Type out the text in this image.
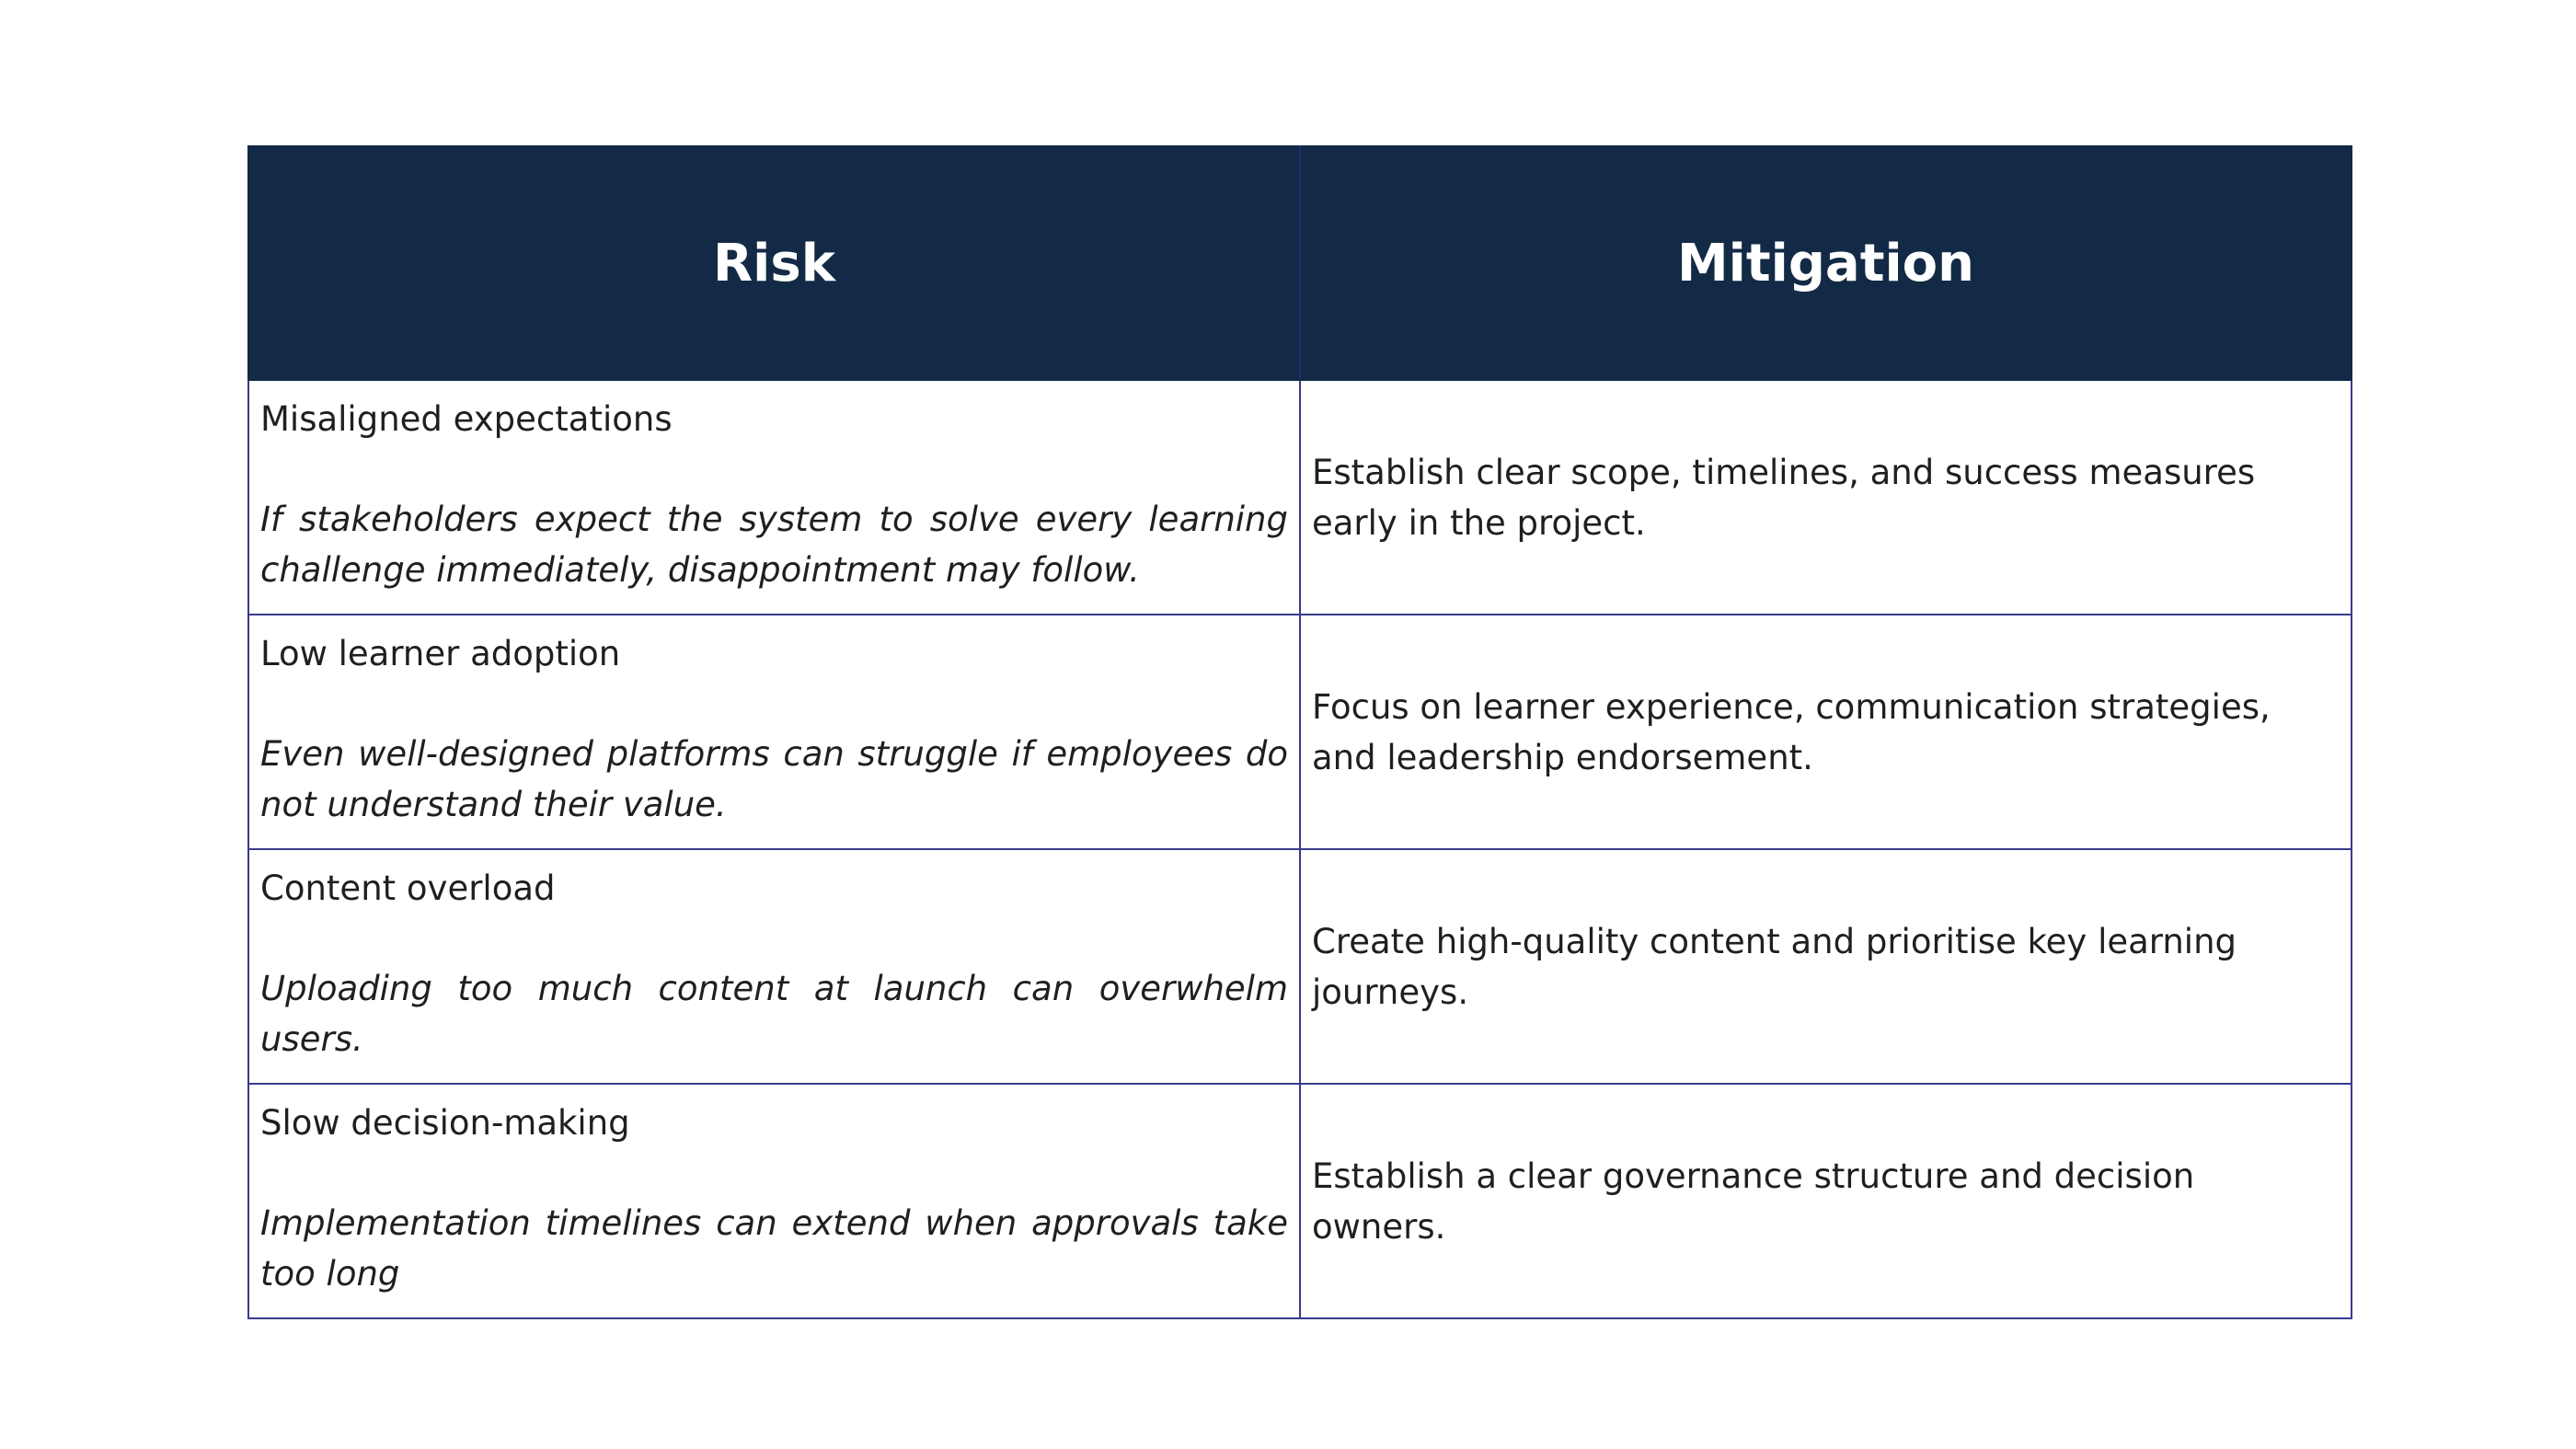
Risk	Mitigation

Misaligned expectations
If stakeholders expect the system to solve every learning challenge immediately, disappointment may follow.	Establish clear scope, timelines, and success measures early in the project.

Low learner adoption
Even well-designed platforms can struggle if employees do not understand their value.	Focus on learner experience, communication strategies, and leadership endorsement.

Content overload
Uploading too much content at launch can overwhelm users.	Create high-quality content and prioritise key learning journeys.

Slow decision-making
Implementation timelines can extend when approvals take too long	Establish a clear governance structure and decision owners.
